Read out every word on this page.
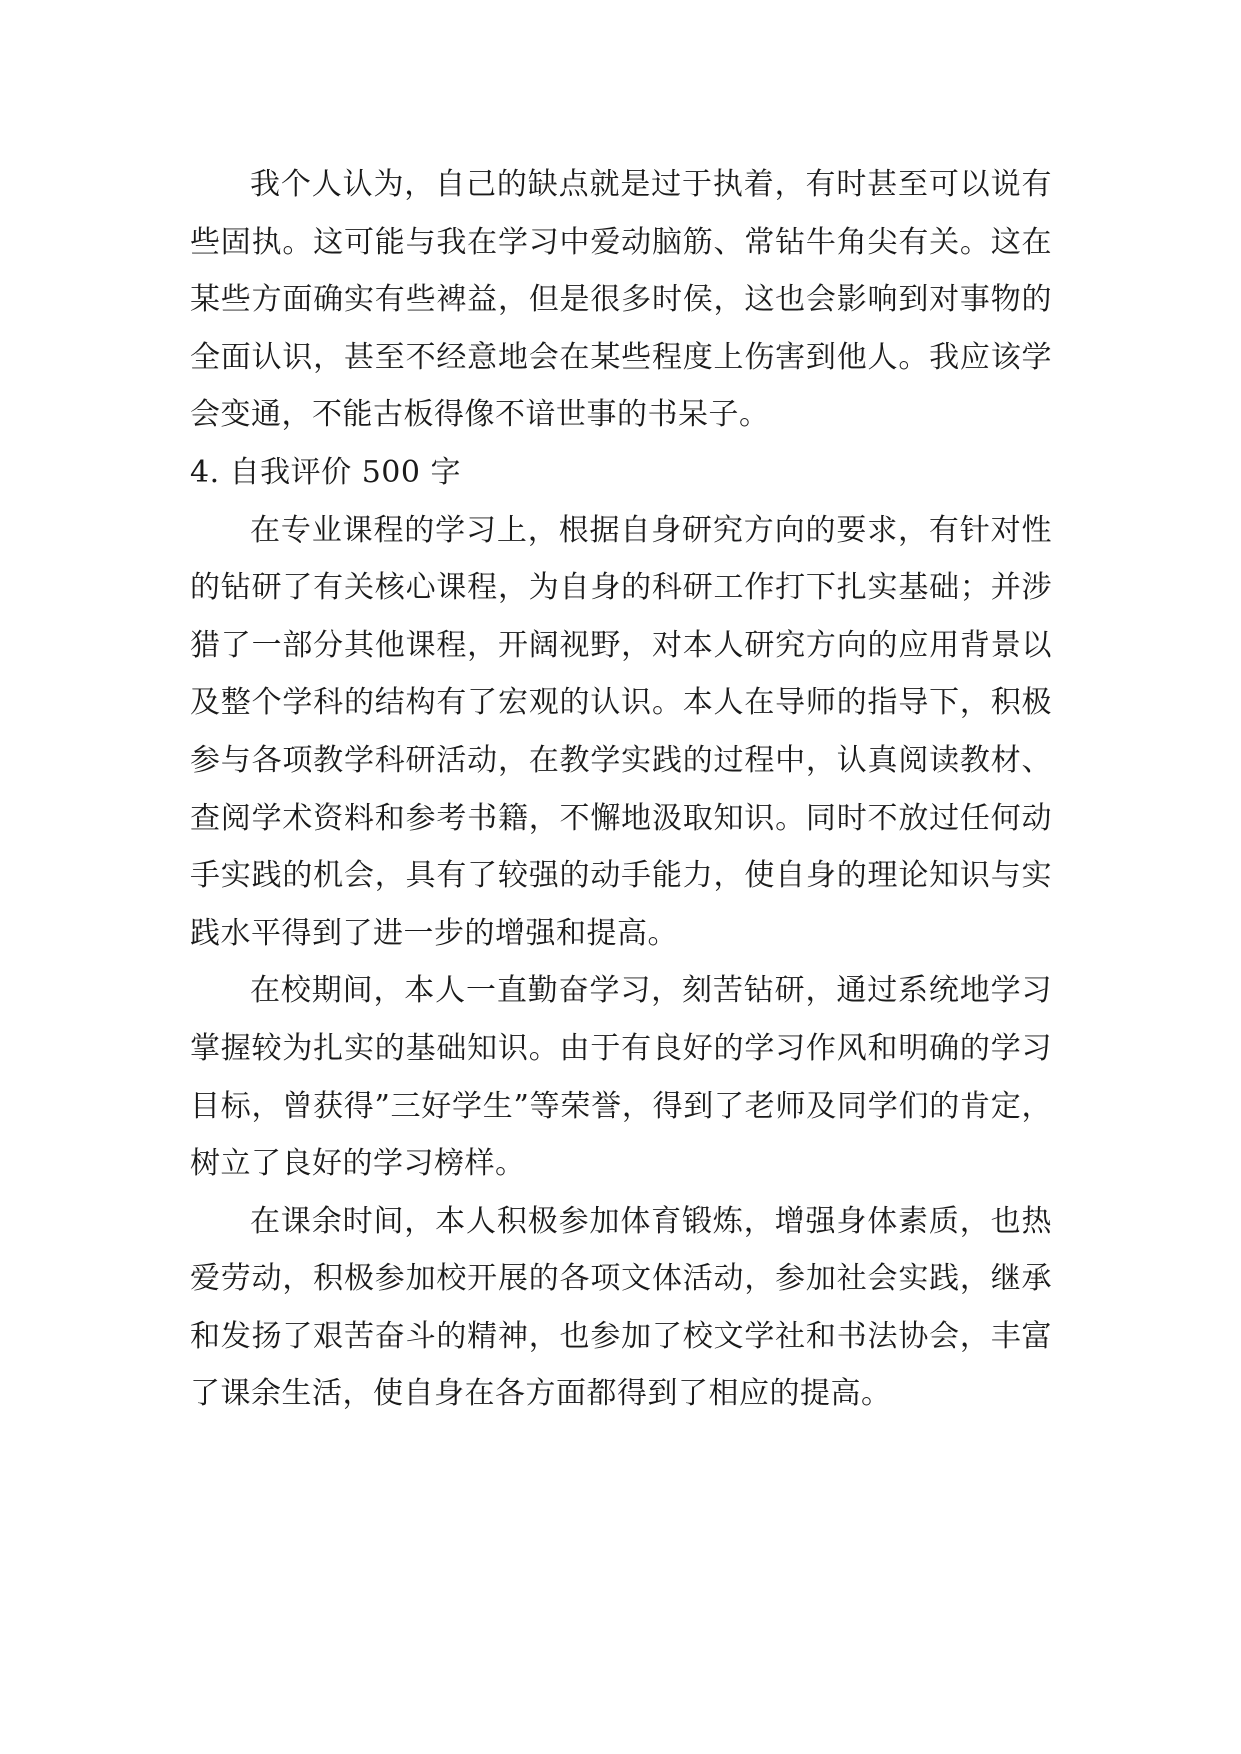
我个人认为，自己的缺点就是过于执着，有时甚至可以说有些固执。这可能与我在学习中爱动脑筋、常钻牛角尖有关。这在某些方面确实有些裨益，但是很多时侯，这也会影响到对事物的全面认识，甚至不经意地会在某些程度上伤害到他人。我应该学会变通，不能古板得像不谙世事的书呆子。

4. 自我评价 500 字

在专业课程的学习上，根据自身研究方向的要求，有针对性的钻研了有关核心课程，为自身的科研工作打下扎实基础；并涉猎了一部分其他课程，开阔视野，对本人研究方向的应用背景以及整个学科的结构有了宏观的认识。本人在导师的指导下，积极参与各项教学科研活动，在教学实践的过程中，认真阅读教材、查阅学术资料和参考书籍，不懈地汲取知识。同时不放过任何动手实践的机会，具有了较强的动手能力，使自身的理论知识与实践水平得到了进一步的增强和提高。

在校期间，本人一直勤奋学习，刻苦钻研，通过系统地学习掌握较为扎实的基础知识。由于有良好的学习作风和明确的学习目标，曾获得”三好学生”等荣誉，得到了老师及同学们的肯定，树立了良好的学习榜样。

在课余时间，本人积极参加体育锻炼，增强身体素质，也热爱劳动，积极参加校开展的各项文体活动，参加社会实践，继承和发扬了艰苦奋斗的精神，也参加了校文学社和书法协会，丰富了课余生活，使自身在各方面都得到了相应的提高。
